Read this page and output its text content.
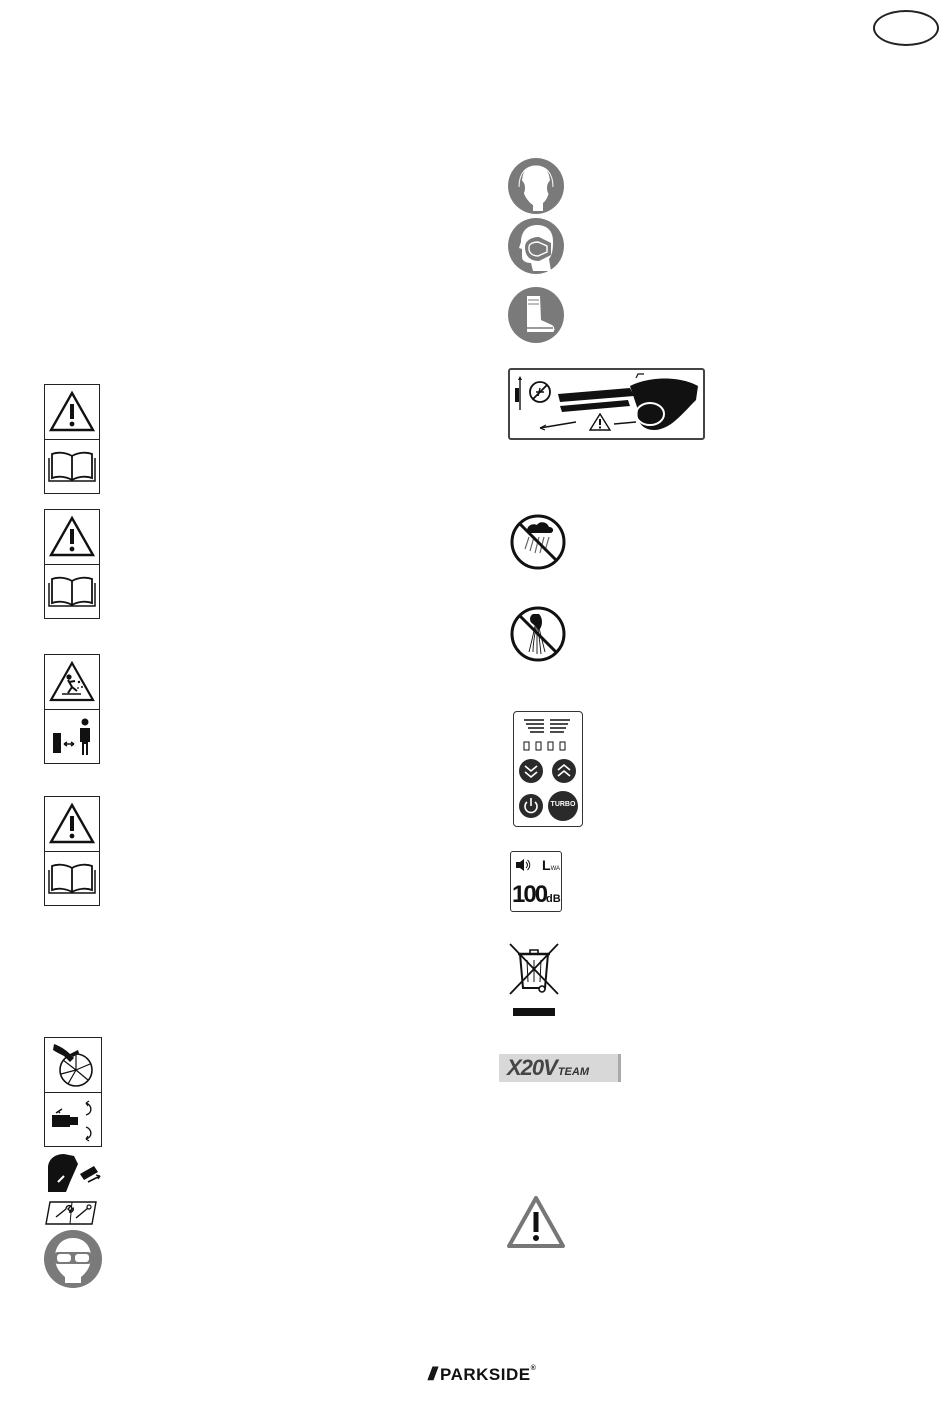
TURBO
LWA
100dB
X20V TEAM
/// PARKSIDE®
